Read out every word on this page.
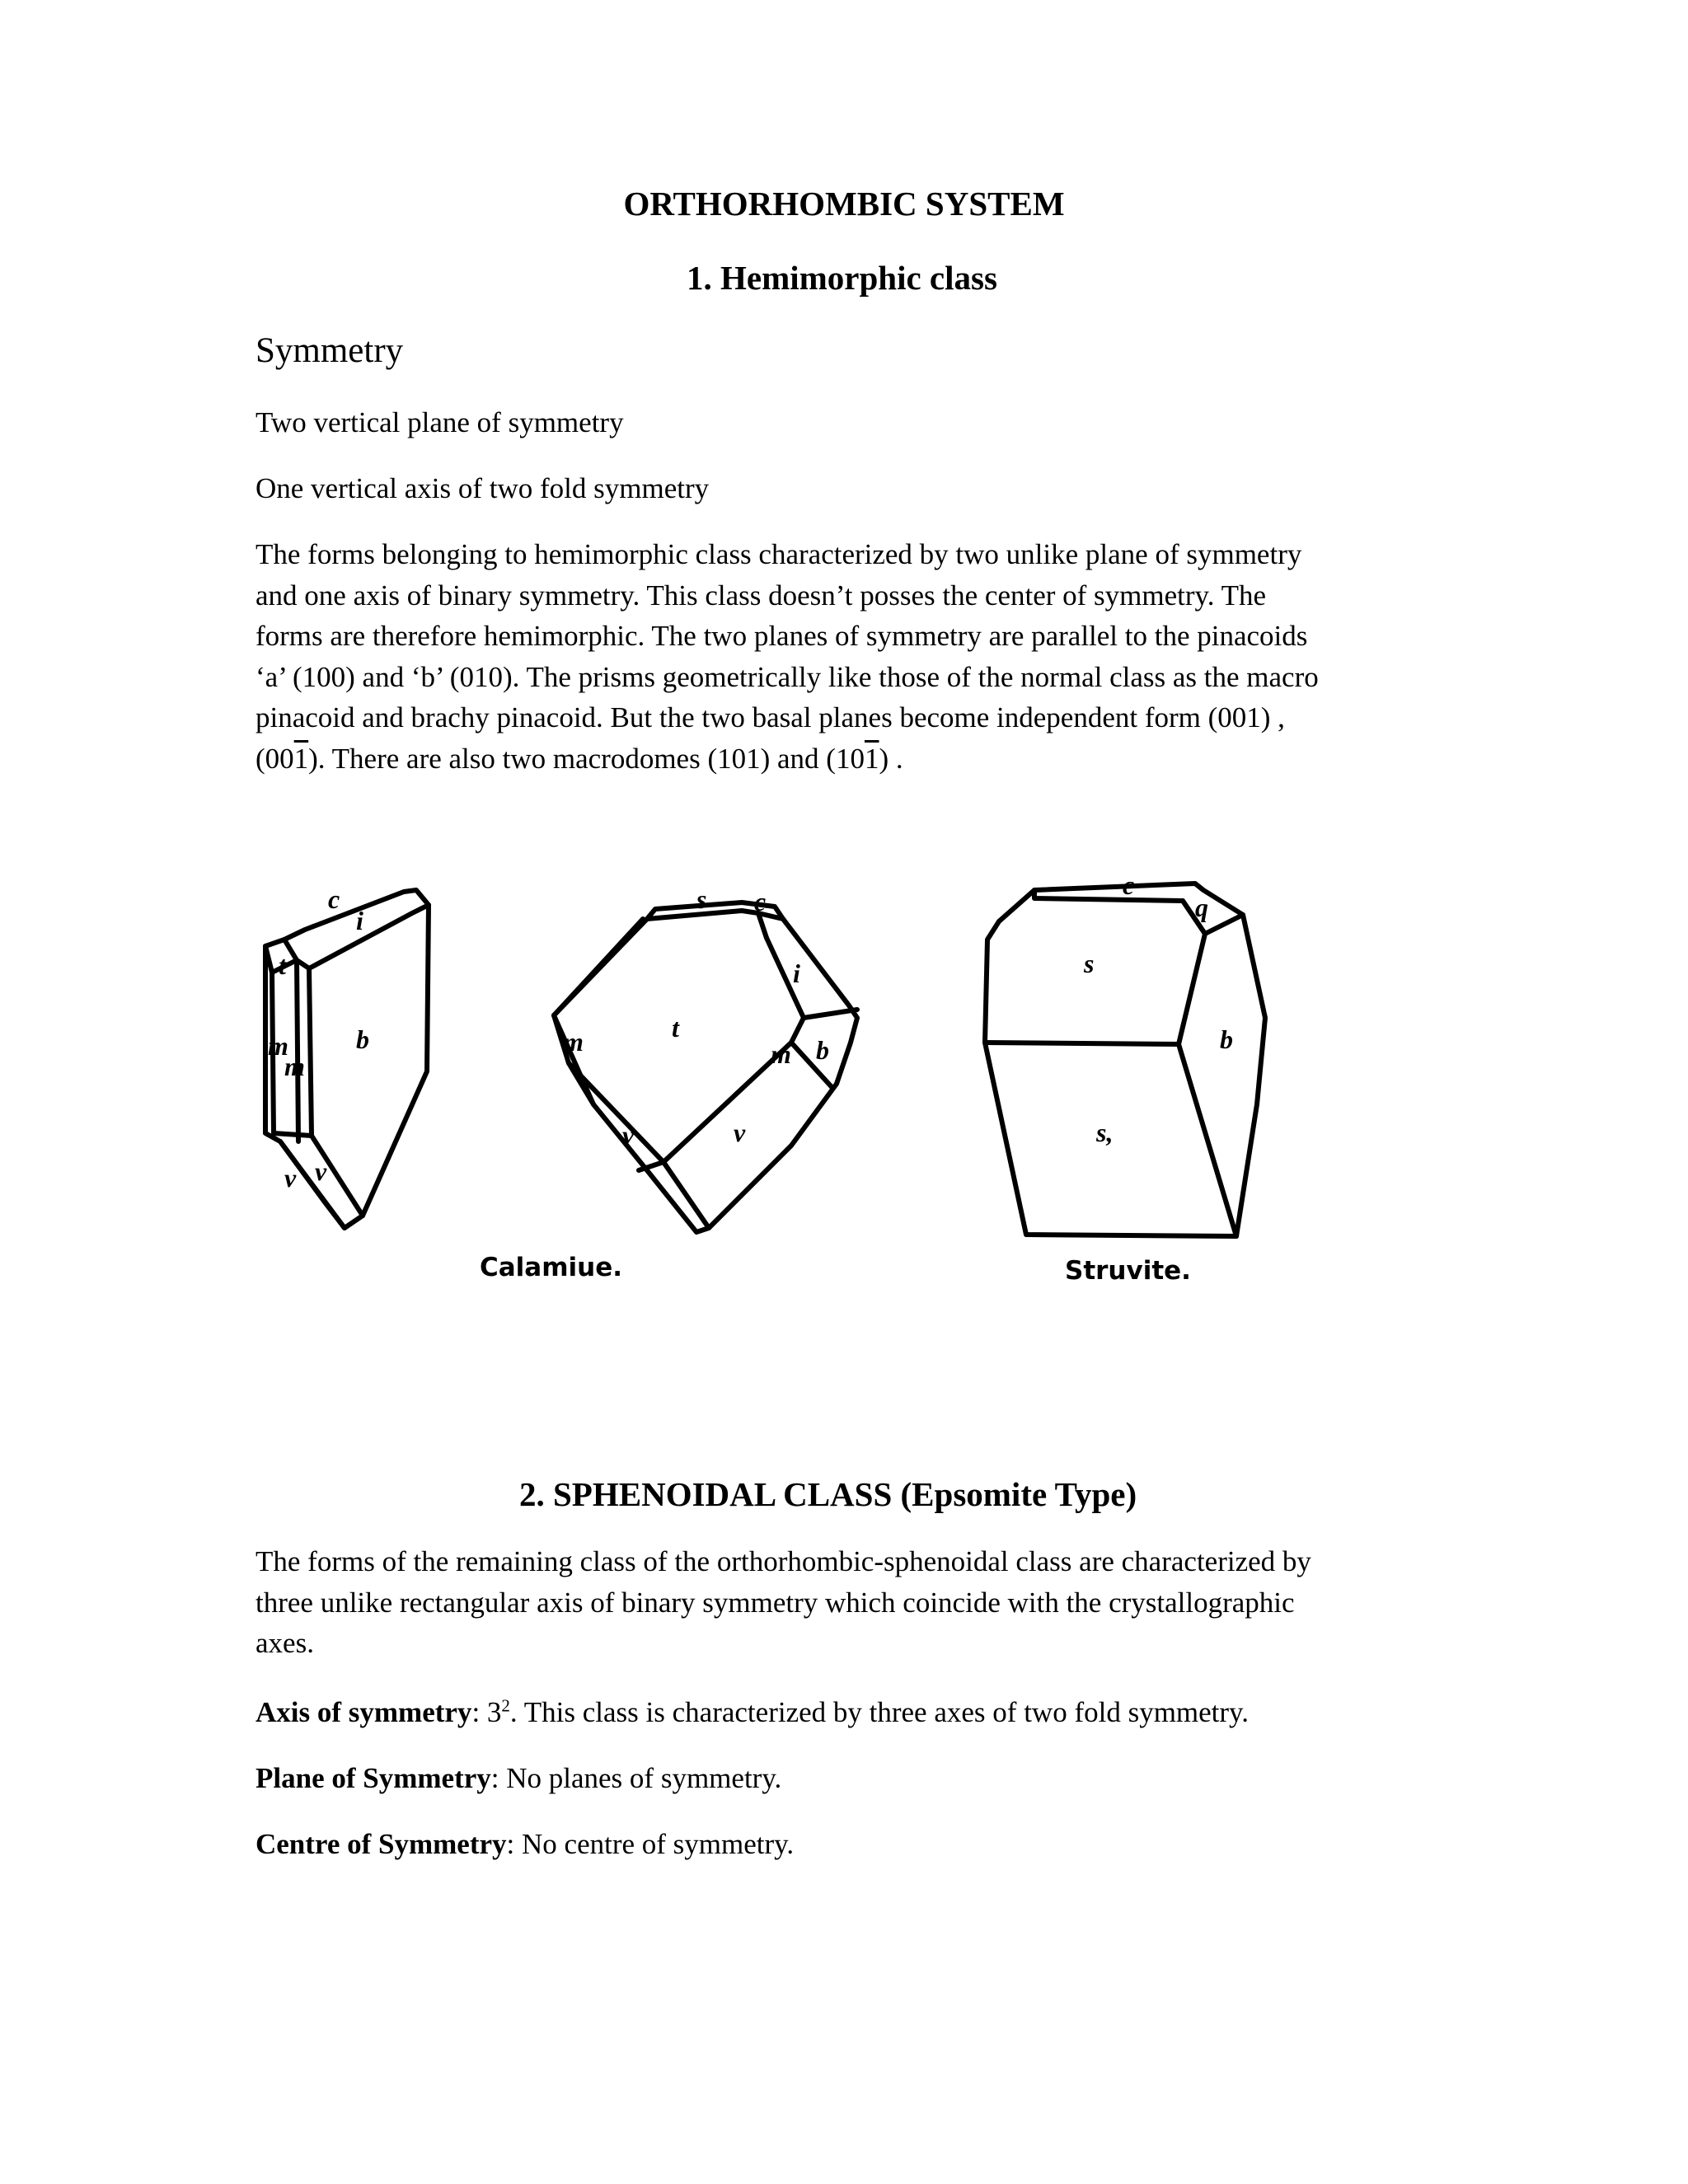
ORTHORHOMBIC SYSTEM
1. Hemimorphic class

Symmetry

Two vertical plane of symmetry

One vertical axis of two fold symmetry

The forms belonging to hemimorphic class characterized by two unlike plane of symmetry
and one axis of binary symmetry. This class doesn’t posses the center of symmetry. The
forms are therefore hemimorphic. The two planes of symmetry are parallel to the pinacoids
‘a’ (100) and ‘b’ (010). The prisms geometrically like those of the normal class as the macro
pinacoid and brachy pinacoid. But the two basal planes become independent form (001) ,
(001). There are also two macrodomes (101) and (101) .
c
i
t
m
m
b
v v
s c
i
t
m	m b
v	v
c
q
s
b
s,
Calamiue.	Struvite.
2. SPHENOIDAL CLASS (Epsomite Type)
The forms of the remaining class of the orthorhombic-sphenoidal class are characterized by
three unlike rectangular axis of binary symmetry which coincide with the crystallographic
axes.

Axis of symmetry: $3^2$. This class is characterized by three axes of two fold symmetry.

Plane of Symmetry: No planes of symmetry.

Centre of Symmetry: No centre of symmetry.
